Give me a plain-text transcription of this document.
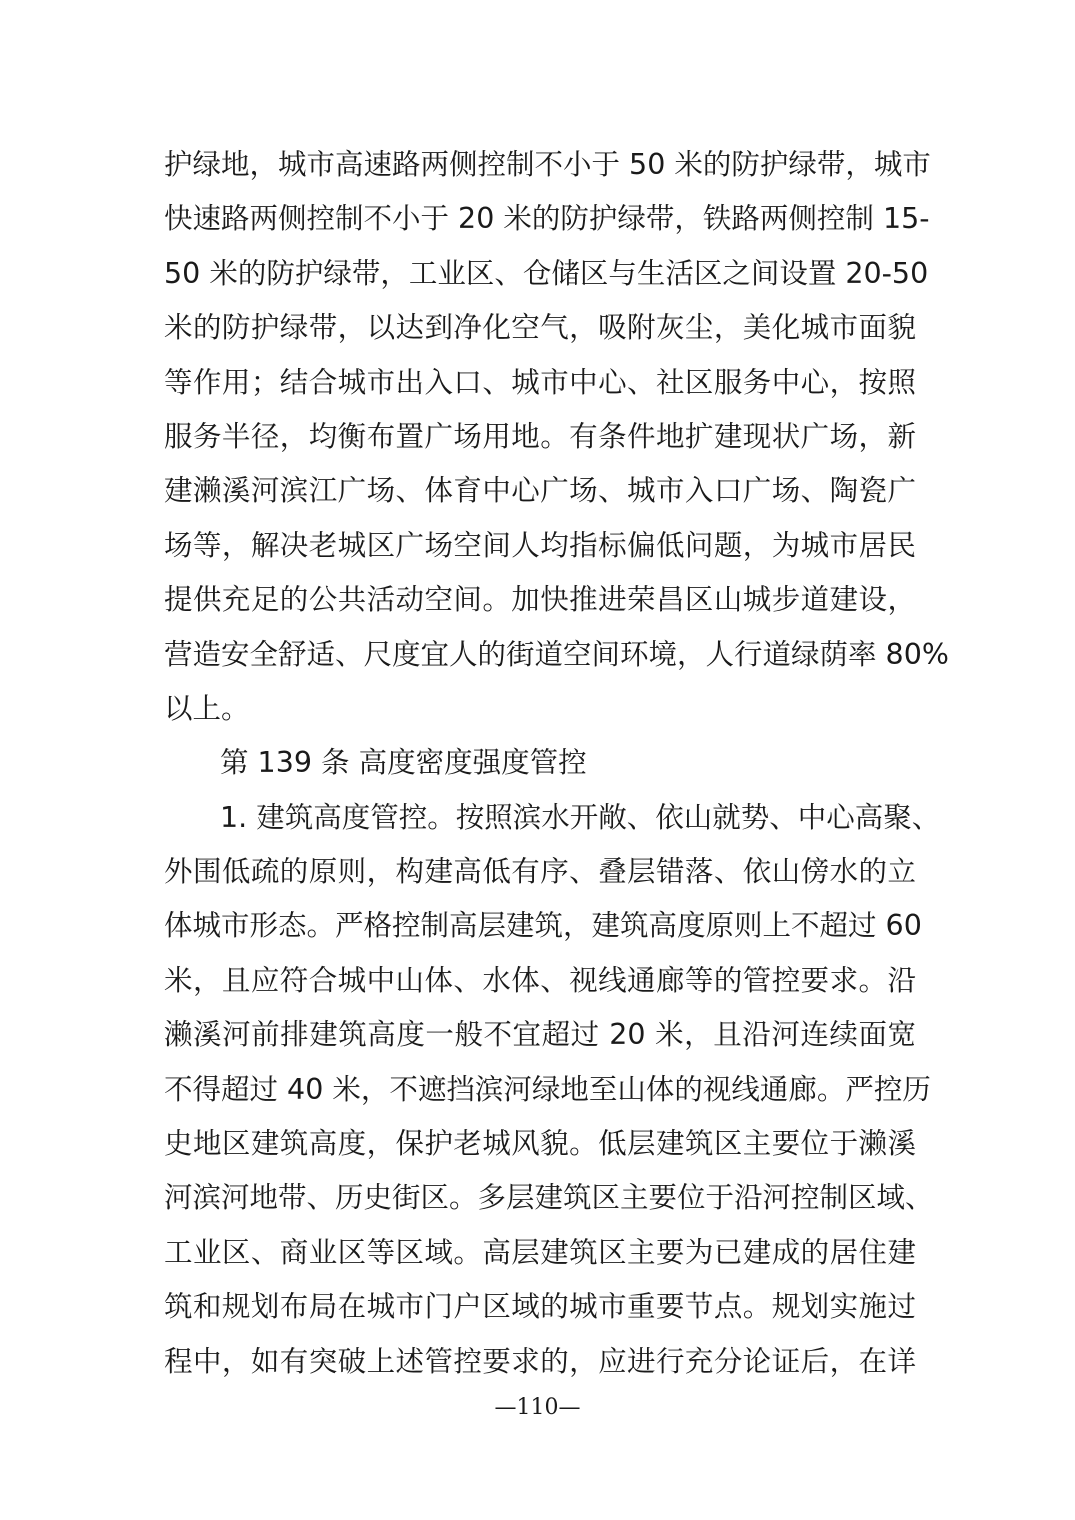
护绿地，城市高速路两侧控制不小于 50 米的防护绿带，城市
快速路两侧控制不小于 20 米的防护绿带，铁路两侧控制 15-
50 米的防护绿带，工业区、仓储区与生活区之间设置 20-50
米的防护绿带，以达到净化空气，吸附灰尘，美化城市面貌
等作用；结合城市出入口、城市中心、社区服务中心，按照
服务半径，均衡布置广场用地。有条件地扩建现状广场，新
建濑溪河滨江广场、体育中心广场、城市入口广场、陶瓷广
场等，解决老城区广场空间人均指标偏低问题，为城市居民
提供充足的公共活动空间。加快推进荣昌区山城步道建设，
营造安全舒适、尺度宜人的街道空间环境，人行道绿荫率 80%
以上。
第 139 条 高度密度强度管控
1. 建筑高度管控。按照滨水开敞、依山就势、中心高聚、
外围低疏的原则，构建高低有序、叠层错落、依山傍水的立
体城市形态。严格控制高层建筑，建筑高度原则上不超过 60
米，且应符合城中山体、水体、视线通廊等的管控要求。沿
濑溪河前排建筑高度一般不宜超过 20 米，且沿河连续面宽
不得超过 40 米，不遮挡滨河绿地至山体的视线通廊。严控历
史地区建筑高度，保护老城风貌。低层建筑区主要位于濑溪
河滨河地带、历史街区。多层建筑区主要位于沿河控制区域、
工业区、商业区等区域。高层建筑区主要为已建成的居住建
筑和规划布局在城市门户区域的城市重要节点。规划实施过
程中，如有突破上述管控要求的，应进行充分论证后，在详
—110—
